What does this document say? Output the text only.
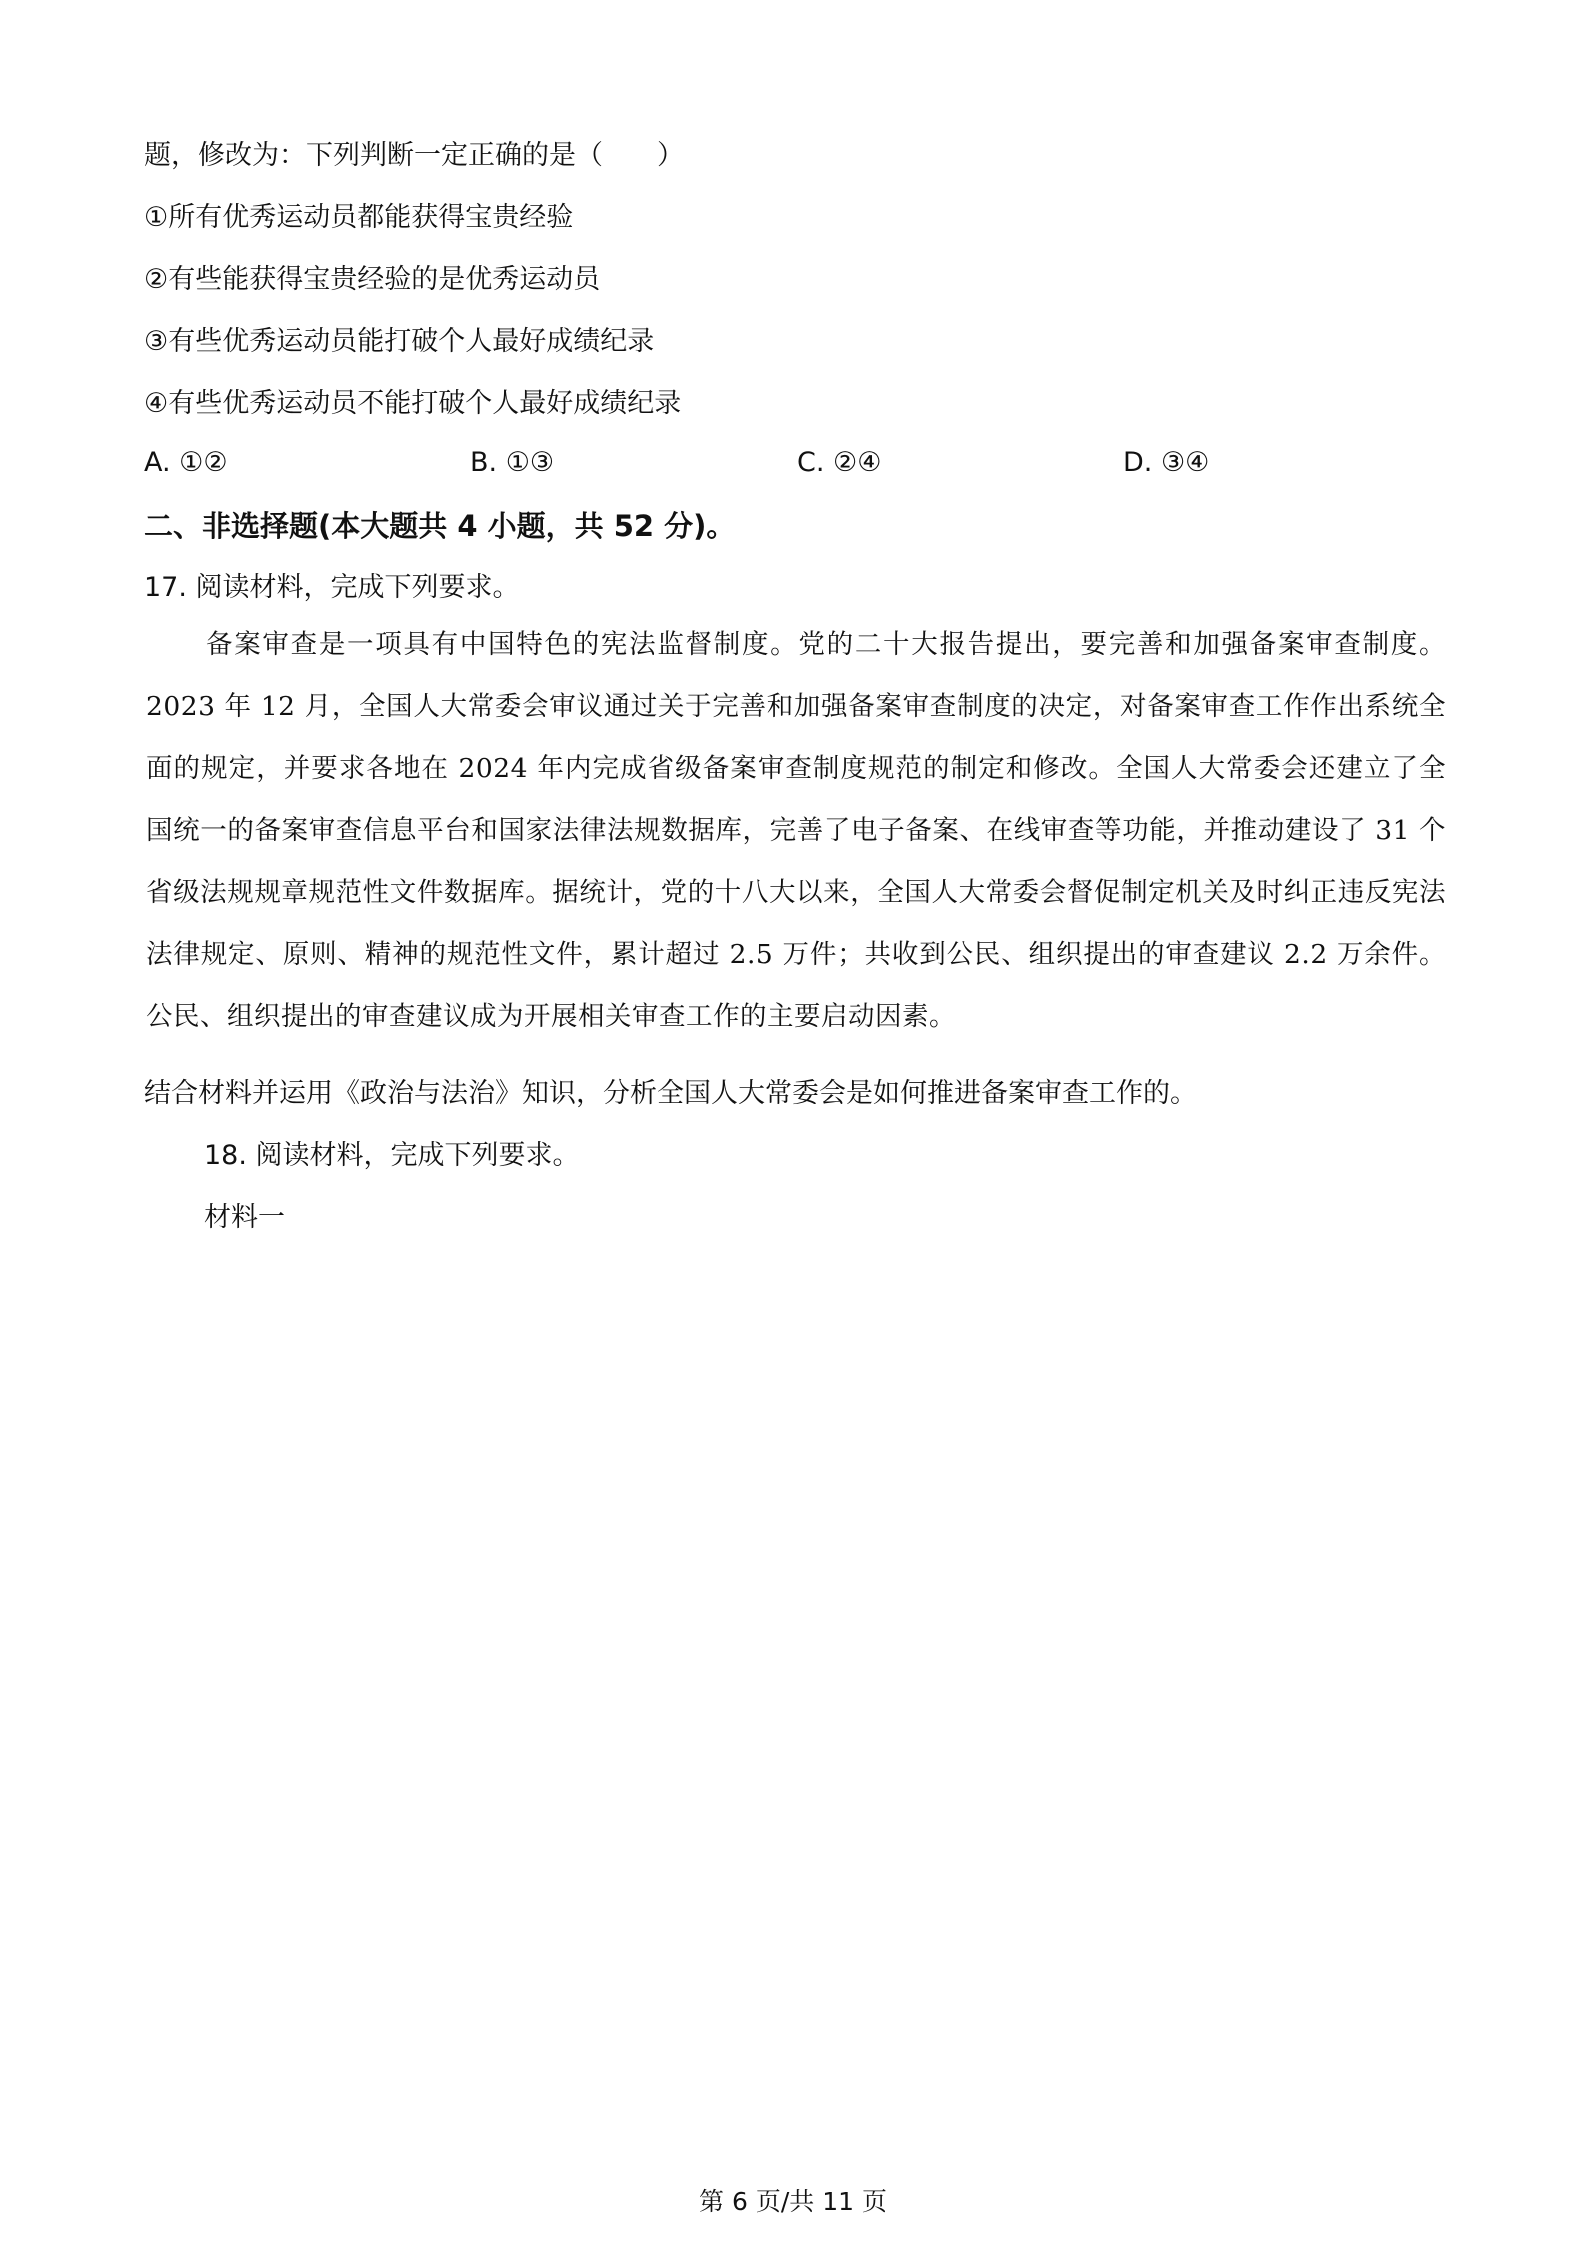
题，修改为：下列判断一定正确的是（　　）
①所有优秀运动员都能获得宝贵经验
②有些能获得宝贵经验的是优秀运动员
③有些优秀运动员能打破个人最好成绩纪录
④有些优秀运动员不能打破个人最好成绩纪录
A. ①②	B. ①③	C. ②④	D. ③④
二、非选择题(本大题共 4 小题，共 52 分)。
17. 阅读材料，完成下列要求。
备案审查是一项具有中国特色的宪法监督制度。党的二十大报告提出，要完善和加强备案审查制度。2023 年 12 月，全国人大常委会审议通过关于完善和加强备案审查制度的决定，对备案审查工作作出系统全面的规定，并要求各地在 2024 年内完成省级备案审查制度规范的制定和修改。全国人大常委会还建立了全国统一的备案审查信息平台和国家法律法规数据库，完善了电子备案、在线审查等功能，并推动建设了 31 个省级法规规章规范性文件数据库。据统计，党的十八大以来，全国人大常委会督促制定机关及时纠正违反宪法法律规定、原则、精神的规范性文件，累计超过 2.5 万件；共收到公民、组织提出的审查建议 2.2 万余件。公民、组织提出的审查建议成为开展相关审查工作的主要启动因素。
结合材料并运用《政治与法治》知识，分析全国人大常委会是如何推进备案审查工作的。
18. 阅读材料，完成下列要求。
材料一
第 6 页/共 11 页
